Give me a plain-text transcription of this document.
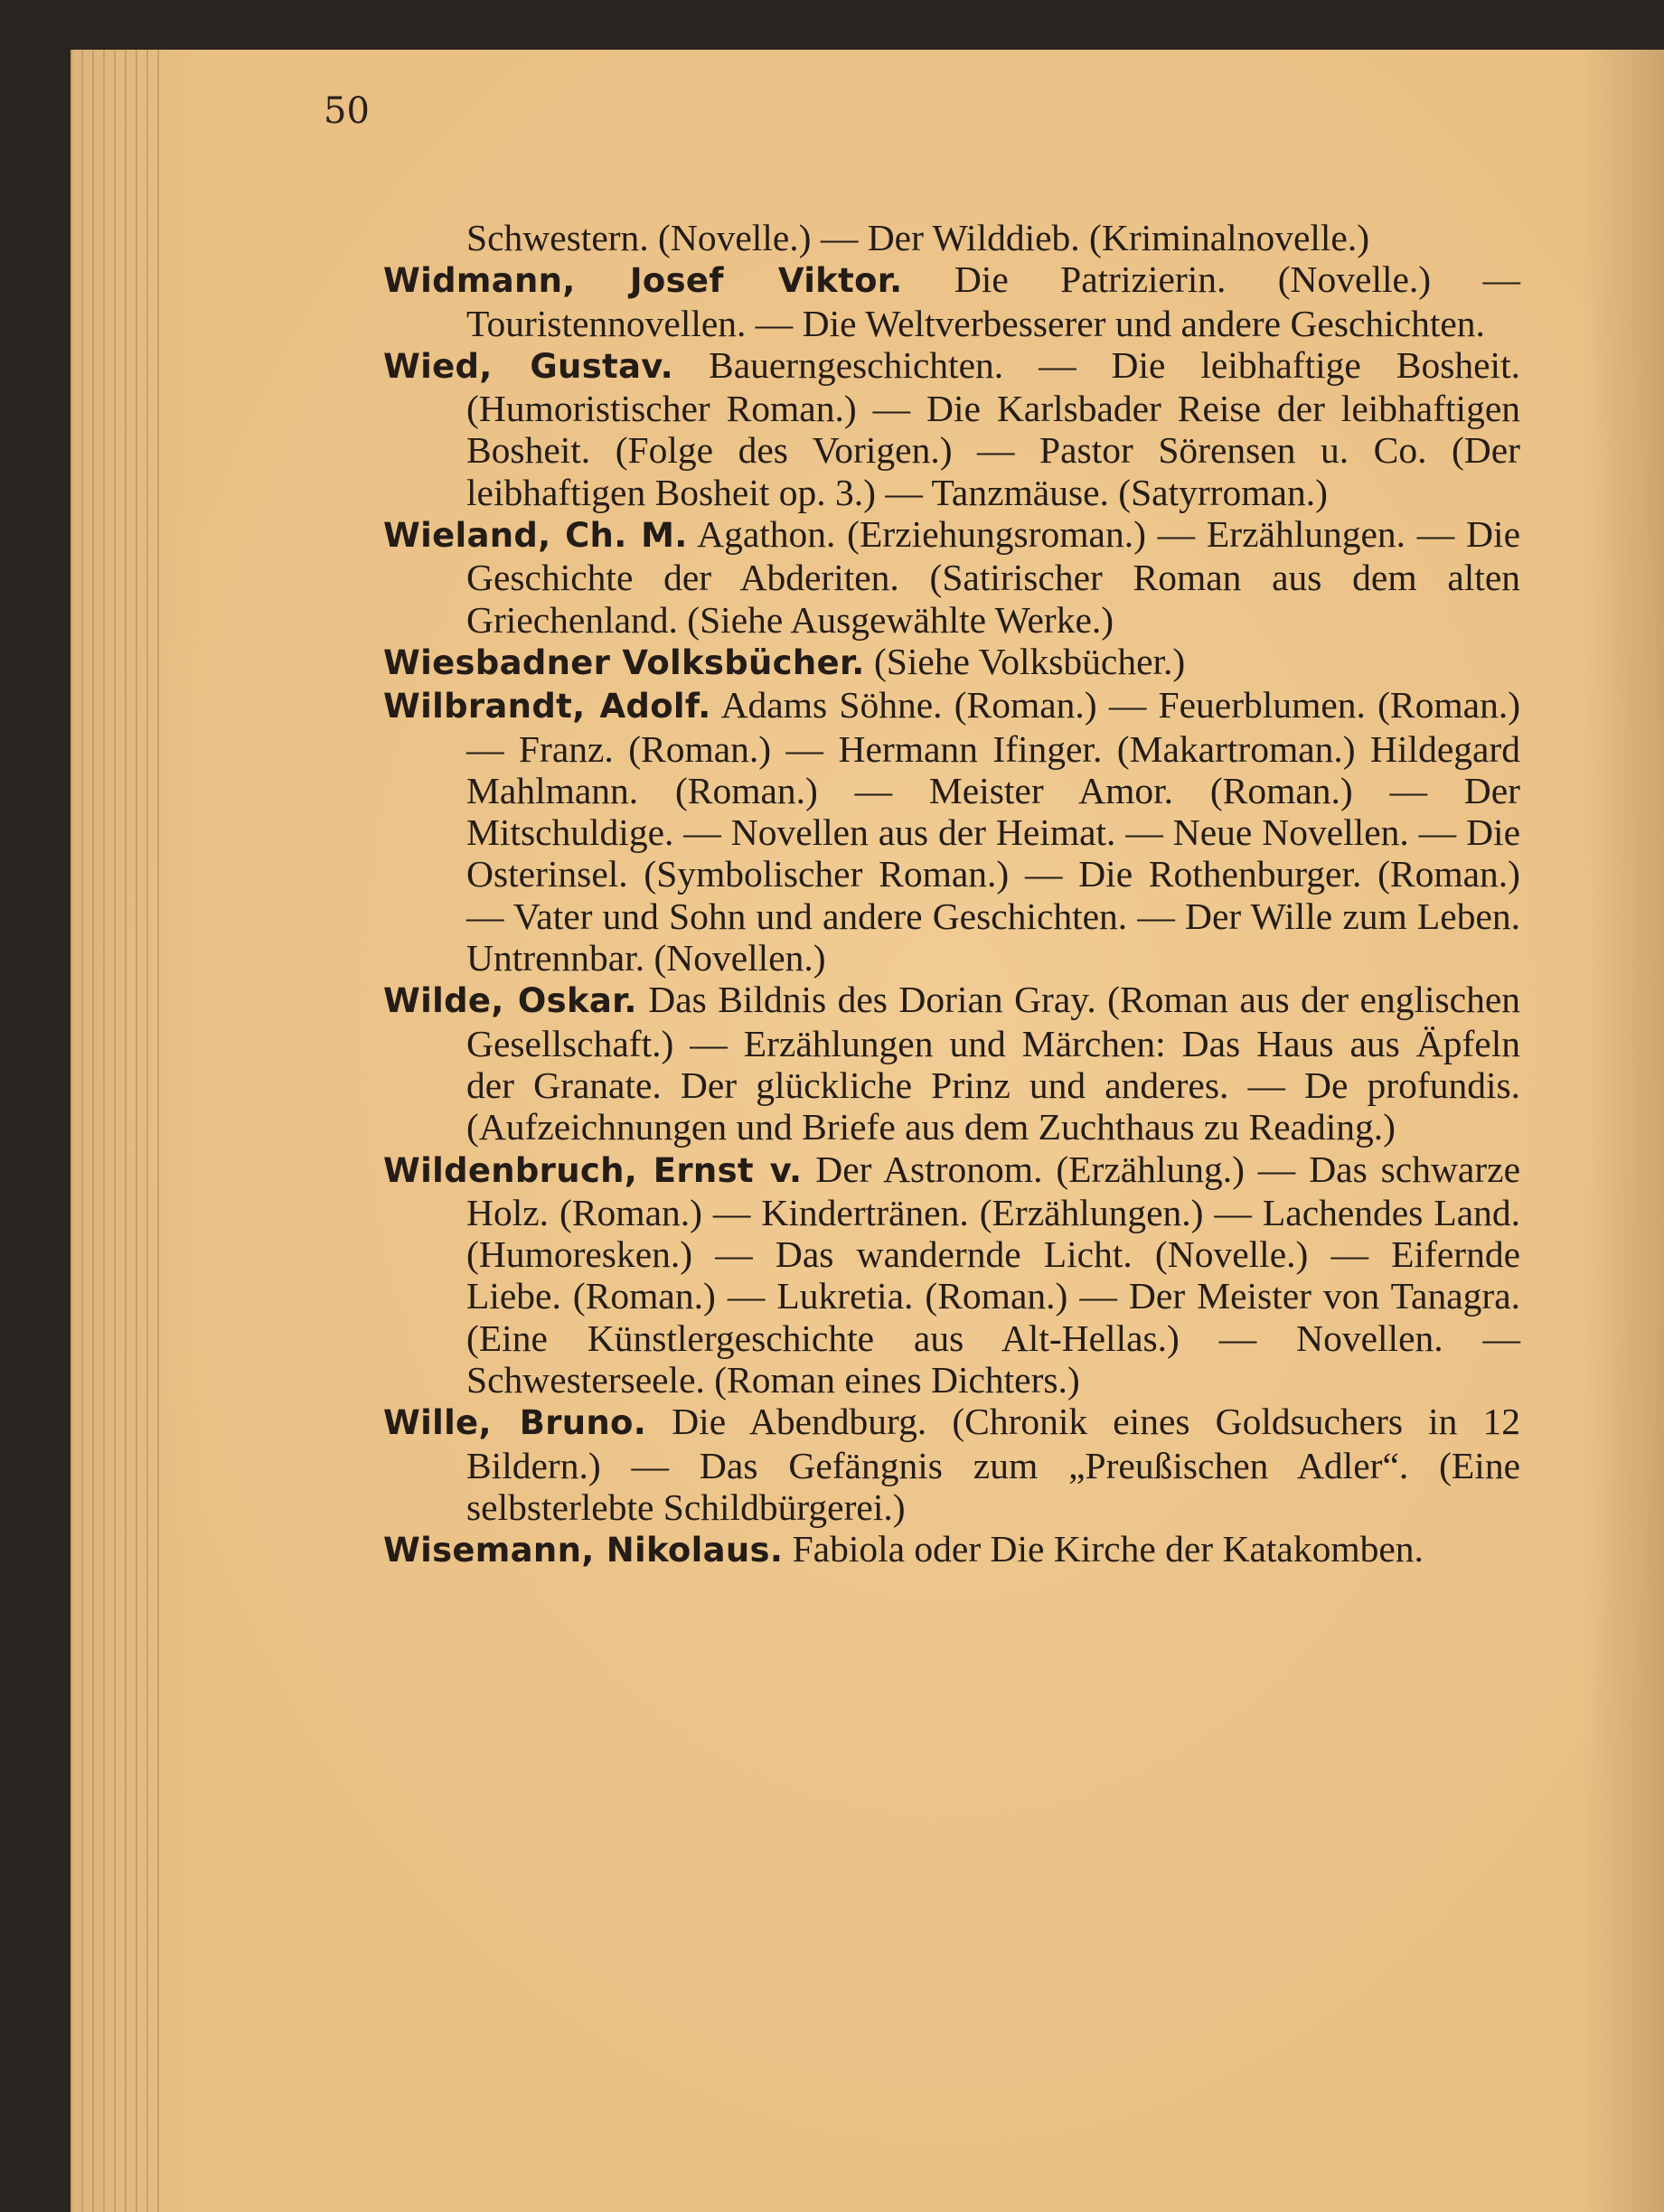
50

Schwestern. (Novelle.) — Der Wilddieb. (Kriminalnovelle.)

Widmann, Josef Viktor. Die Patrizierin. (Novelle.) — Touristennovellen. — Die Weltverbesserer und andere Geschichten.

Wied, Gustav. Bauerngeschichten. — Die leibhaftige Bosheit. (Humoristischer Roman.) — Die Karlsbader Reise der leibhaftigen Bosheit. (Folge des Vorigen.) — Pastor Sörensen u. Co. (Der leibhaftigen Bosheit op. 3.) — Tanzmäuse. (Satyrroman.)

Wieland, Ch. M. Agathon. (Erziehungsroman.) — Erzählungen. — Die Geschichte der Abderiten. (Satirischer Roman aus dem alten Griechenland. (Siehe Ausgewählte Werke.)

Wiesbadner Volksbücher. (Siehe Volksbücher.)

Wilbrandt, Adolf. Adams Söhne. (Roman.) — Feuerblumen. (Roman.) — Franz. (Roman.) — Hermann Ifinger. (Makartroman.) Hildegard Mahlmann. (Roman.) — Meister Amor. (Roman.) — Der Mitschuldige. — Novellen aus der Heimat. — Neue Novellen. — Die Osterinsel. (Symbolischer Roman.) — Die Rothenburger. (Roman.) — Vater und Sohn und andere Geschichten. — Der Wille zum Leben. Untrennbar. (Novellen.)

Wilde, Oskar. Das Bildnis des Dorian Gray. (Roman aus der englischen Gesellschaft.) — Erzählungen und Märchen: Das Haus aus Äpfeln der Granate. Der glückliche Prinz und anderes. — De profundis. (Aufzeichnungen und Briefe aus dem Zuchthaus zu Reading.)

Wildenbruch, Ernst v. Der Astronom. (Erzählung.) — Das schwarze Holz. (Roman.) — Kindertränen. (Erzählungen.) — Lachendes Land. (Humoresken.) — Das wandernde Licht. (Novelle.) — Eifernde Liebe. (Roman.) — Lukretia. (Roman.) — Der Meister von Tanagra. (Eine Künstlergeschichte aus Alt-Hellas.) — Novellen. — Schwesterseele. (Roman eines Dichters.)

Wille, Bruno. Die Abendburg. (Chronik eines Goldsuchers in 12 Bildern.) — Das Gefängnis zum „Preußischen Adler“. (Eine selbsterlebte Schildbürgerei.)

Wisemann, Nikolaus. Fabiola oder Die Kirche der Katakomben.
